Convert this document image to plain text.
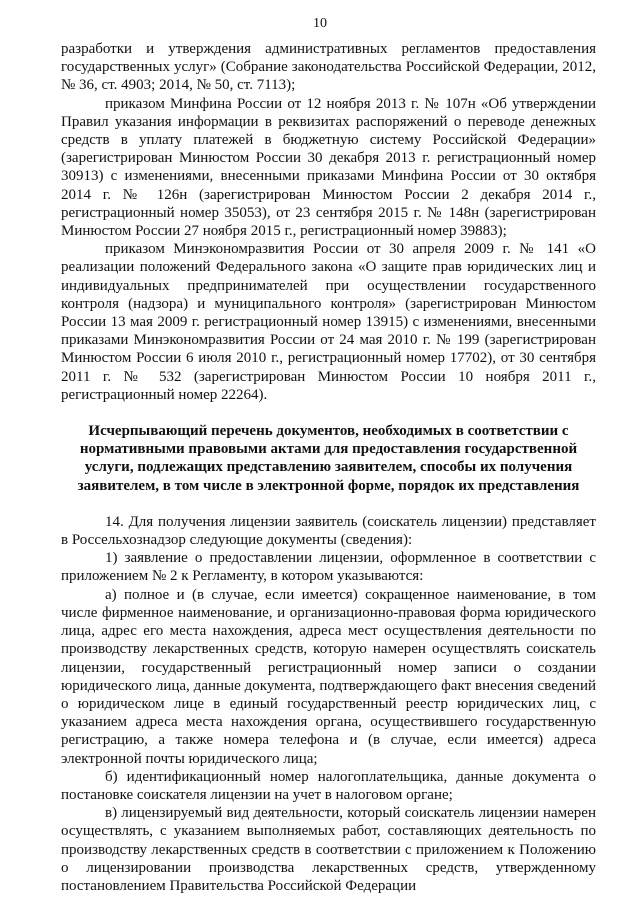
10

разработки и утверждения административных регламентов предоставления государственных услуг» (Собрание законодательства Российской Федерации, 2012, № 36, ст. 4903; 2014, № 50, ст. 7113);

приказом Минфина России от 12 ноября 2013 г. № 107н «Об утверждении Правил указания информации в реквизитах распоряжений о переводе денежных средств в уплату платежей в бюджетную систему Российской Федерации» (зарегистрирован Минюстом России 30 декабря 2013 г. регистрационный номер 30913) с изменениями, внесенными приказами Минфина России от 30 октября 2014 г. № 126н (зарегистрирован Минюстом России 2 декабря 2014 г., регистрационный номер 35053), от 23 сентября 2015 г. № 148н (зарегистрирован Минюстом России 27 ноября 2015 г., регистрационный номер 39883);

приказом Минэкономразвития России от 30 апреля 2009 г. № 141 «О реализации положений Федерального закона «О защите прав юридических лиц и индивидуальных предпринимателей при осуществлении государственного контроля (надзора) и муниципального контроля» (зарегистрирован Минюстом России 13 мая 2009 г. регистрационный номер 13915) с изменениями, внесенными приказами Минэкономразвития России от 24 мая 2010 г. № 199 (зарегистрирован Минюстом России 6 июля 2010 г., регистрационный номер 17702), от 30 сентября 2011 г. № 532 (зарегистрирован Минюстом России 10 ноября 2011 г., регистрационный номер 22264).

Исчерпывающий перечень документов, необходимых в соответствии с нормативными правовыми актами для предоставления государственной услуги, подлежащих представлению заявителем, способы их получения заявителем, в том числе в электронной форме, порядок их представления

14. Для получения лицензии заявитель (соискатель лицензии) представляет в Россельхознадзор следующие документы (сведения):

1) заявление о предоставлении лицензии, оформленное в соответствии с приложением № 2 к Регламенту, в котором указываются:

а) полное и (в случае, если имеется) сокращенное наименование, в том числе фирменное наименование, и организационно-правовая форма юридического лица, адрес его места нахождения, адреса мест осуществления деятельности по производству лекарственных средств, которую намерен осуществлять соискатель лицензии, государственный регистрационный номер записи о создании юридического лица, данные документа, подтверждающего факт внесения сведений о юридическом лице в единый государственный реестр юридических лиц, с указанием адреса места нахождения органа, осуществившего государственную регистрацию, а также номера телефона и (в случае, если имеется) адреса электронной почты юридического лица;

б) идентификационный номер налогоплательщика, данные документа о постановке соискателя лицензии на учет в налоговом органе;

в) лицензируемый вид деятельности, который соискатель лицензии намерен осуществлять, с указанием выполняемых работ, составляющих деятельность по производству лекарственных средств в соответствии с приложением к Положению о лицензировании производства лекарственных средств, утвержденному постановлением Правительства Российской Федерации
